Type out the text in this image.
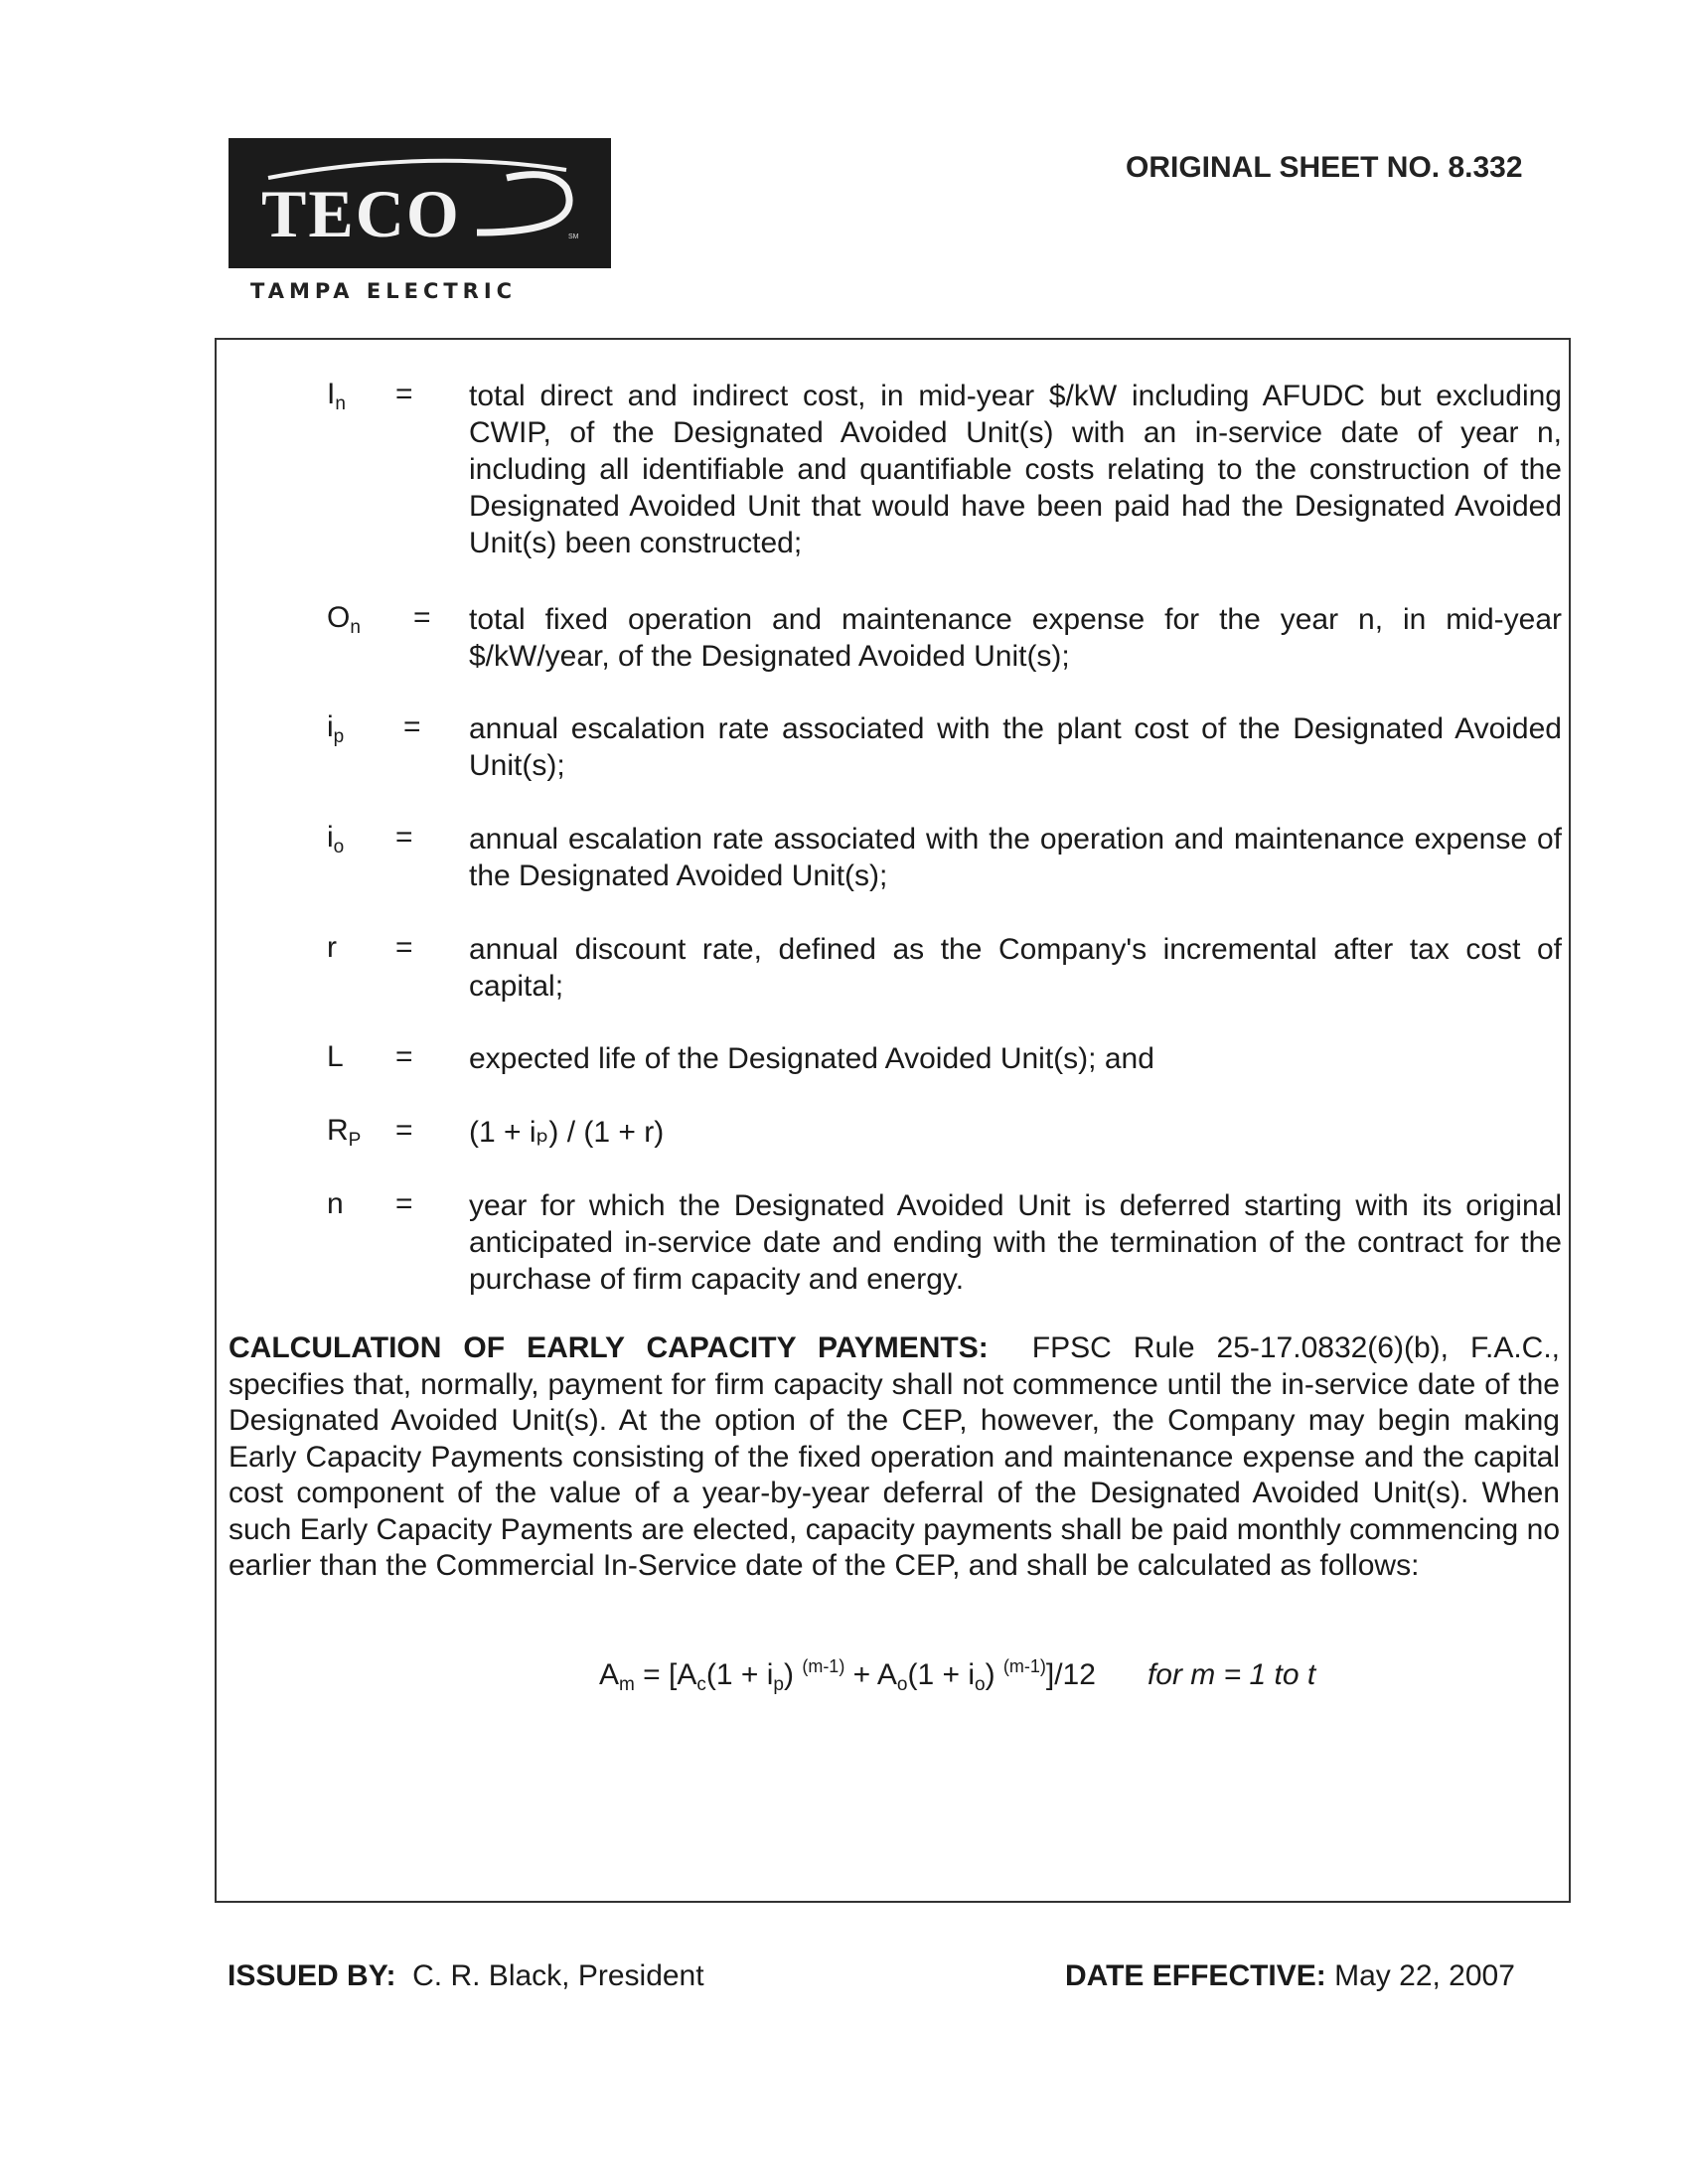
TECO	SM
TAMPA ELECTRIC
ORIGINAL SHEET NO. 8.332
$I_n$ = total direct and indirect cost, in mid-year $/kW including AFUDC but excluding CWIP, of the Designated Avoided Unit(s) with an in-service date of year n, including all identifiable and quantifiable costs relating to the construction of the Designated Avoided Unit that would have been paid had the Designated Avoided Unit(s) been constructed;
$O_n$ = total fixed operation and maintenance expense for the year n, in mid-year $/kW/year, of the Designated Avoided Unit(s);
$i_p$ = annual escalation rate associated with the plant cost of the Designated Avoided Unit(s);
$i_o$ = annual escalation rate associated with the operation and maintenance expense of the Designated Avoided Unit(s);
r = annual discount rate, defined as the Company's incremental after tax cost of capital;
L = expected life of the Designated Avoided Unit(s); and
$R_P = (1 + i_p) / (1 + r)$
n = year for which the Designated Avoided Unit is deferred starting with its original anticipated in-service date and ending with the termination of the contract for the purchase of firm capacity and energy.
CALCULATION OF EARLY CAPACITY PAYMENTS: FPSC Rule 25-17.0832(6)(b), F.A.C., specifies that, normally, payment for firm capacity shall not commence until the in-service date of the Designated Avoided Unit(s). At the option of the CEP, however, the Company may begin making Early Capacity Payments consisting of the fixed operation and maintenance expense and the capital cost component of the value of a year-by-year deferral of the Designated Avoided Unit(s). When such Early Capacity Payments are elected, capacity payments shall be paid monthly commencing no earlier than the Commercial In-Service date of the CEP, and shall be calculated as follows:
$A_m = [A_c(1 + i_p) ^{(m-1)} + A_o(1 + i_o)$ $^{(m-1)}$]/12 for m = 1 to t
ISSUED BY: C. R. Black, President	DATE EFFECTIVE: May 22, 2007
